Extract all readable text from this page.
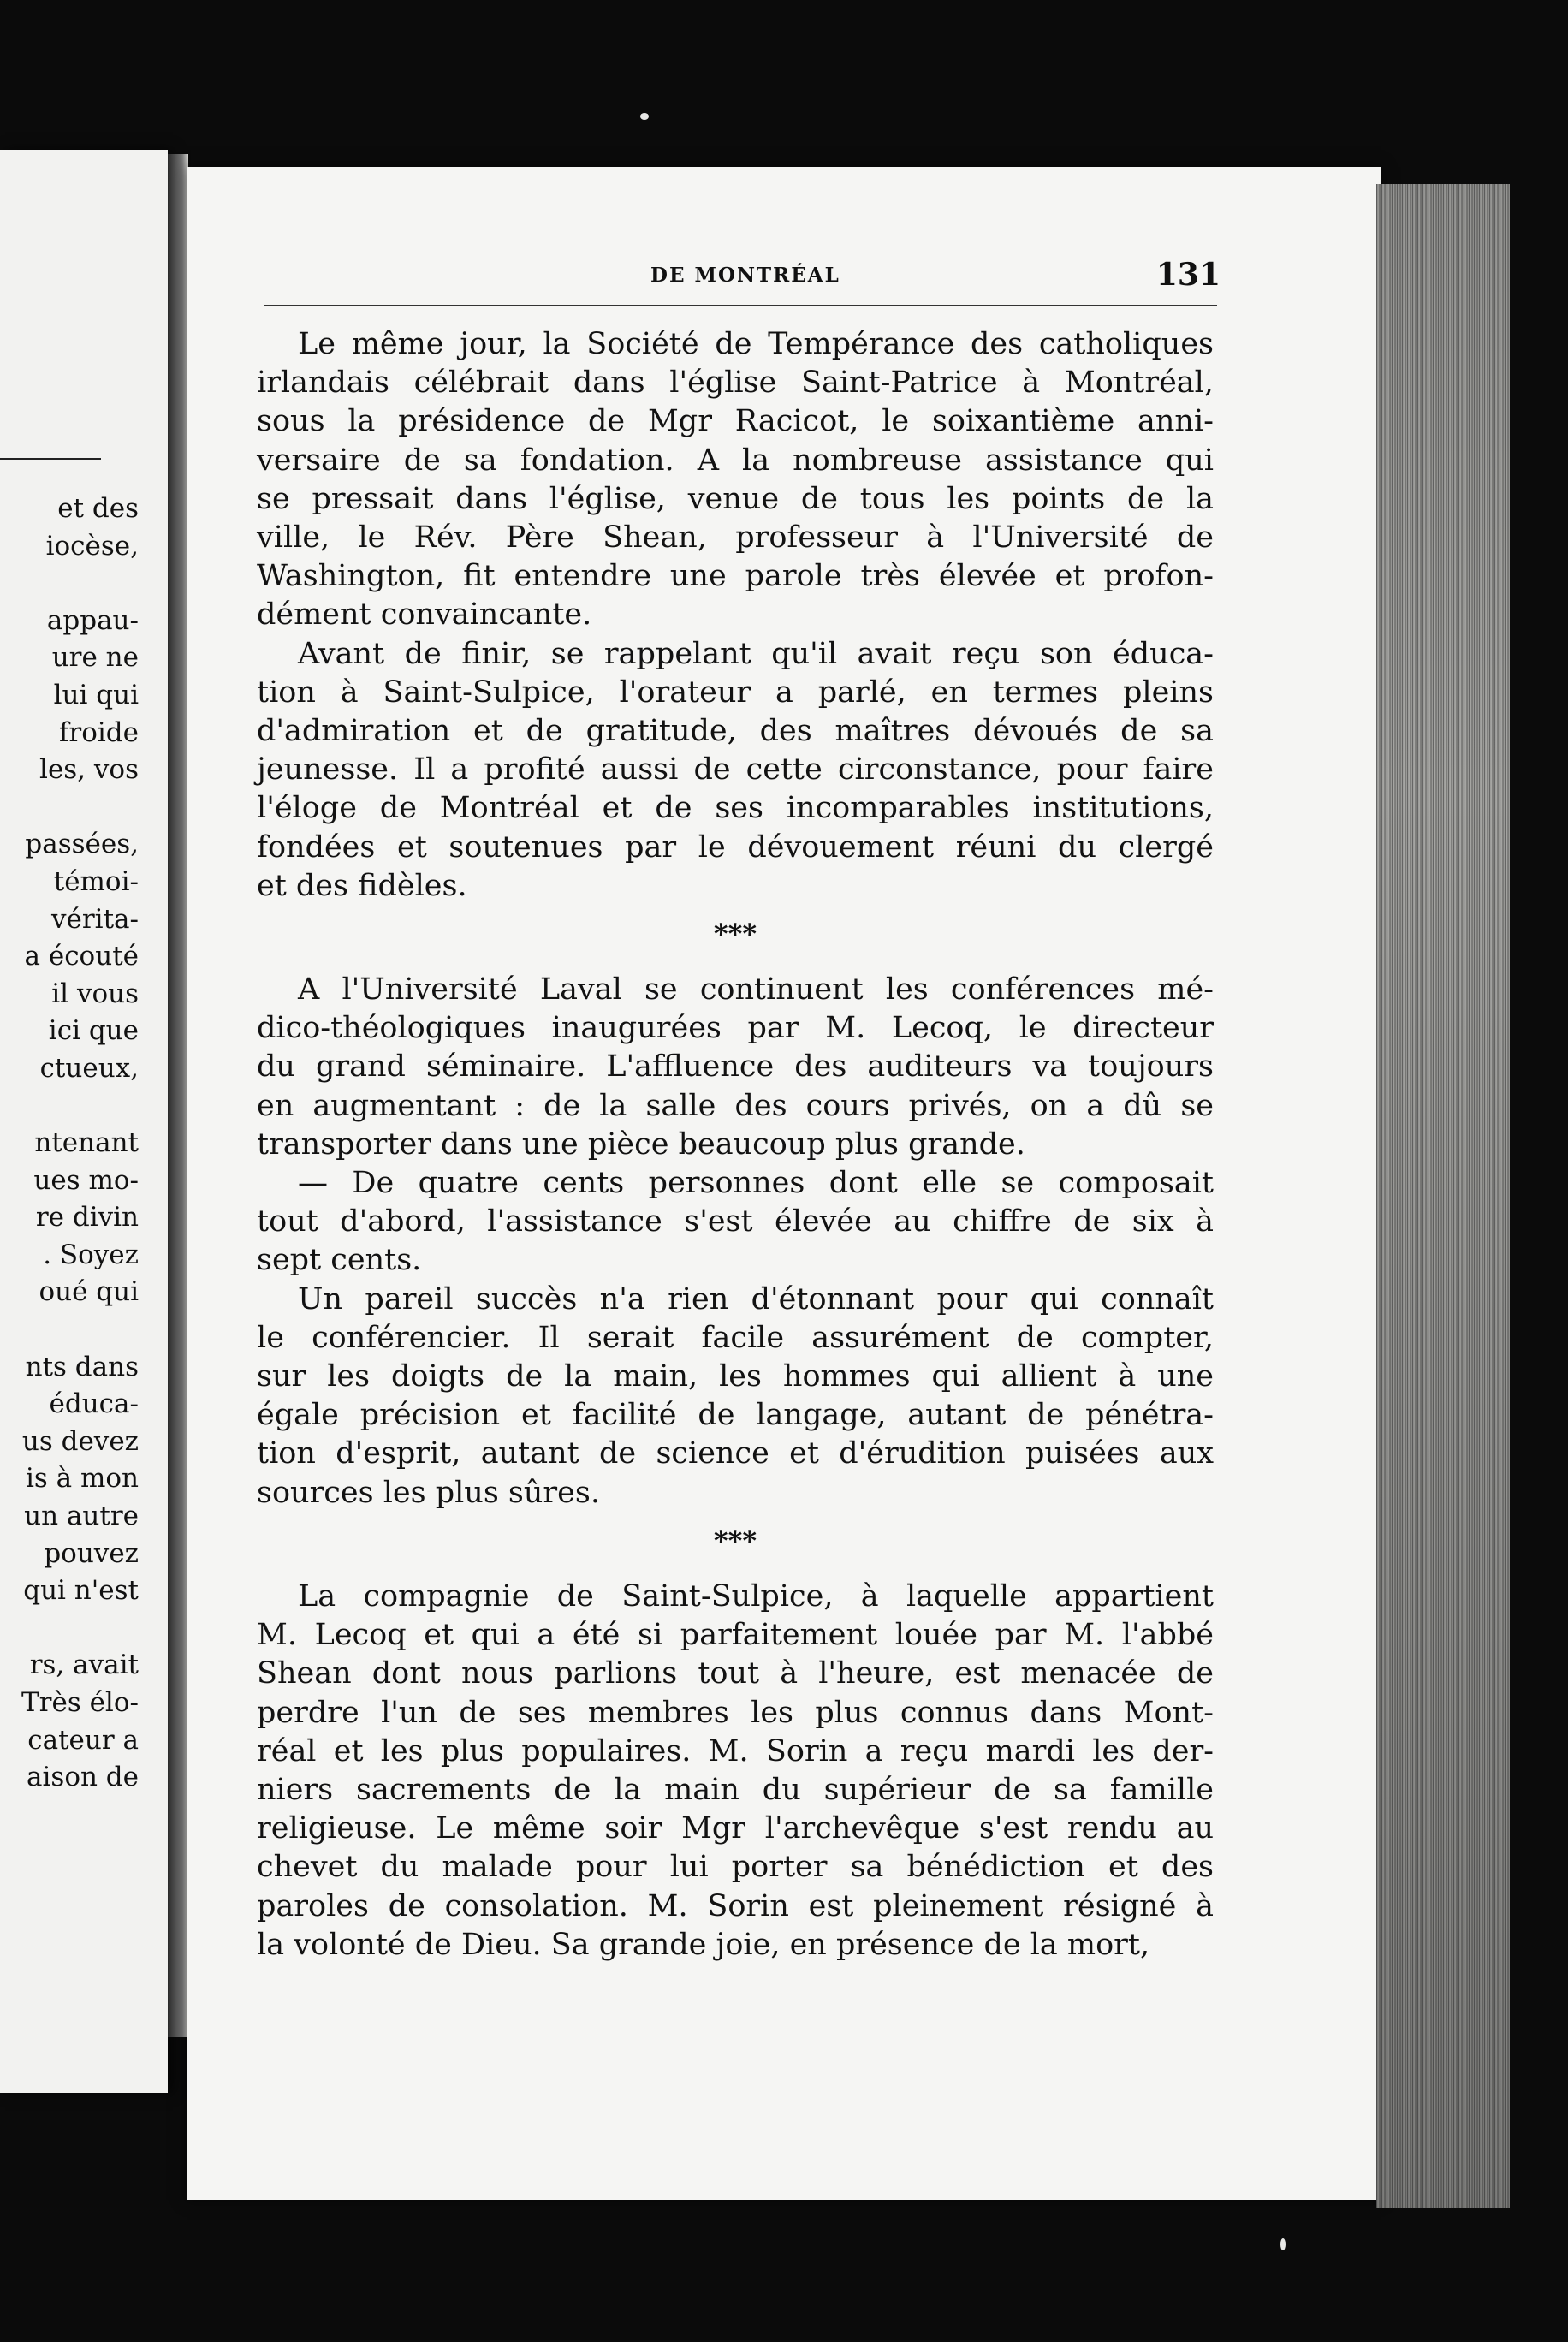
et des
iocèse,
appau-
ure ne
lui qui
froide
les, vos
passées,
témoi-
vérita-
a écouté
il vous
ici que
ctueux,
ntenant
ues mo-
re divin
. Soyez
oué qui
nts dans
éduca-
us devez
is à mon
un autre
pouvez
qui n'est
rs, avait
Très élo-
cateur a
aison de
DE MONTRÉAL	131

Le même jour, la Société de Tempérance des catholiques
irlandais célébrait dans l'église Saint-Patrice à Montréal,
sous la présidence de Mgr Racicot, le soixantième anni-
versaire de sa fondation. A la nombreuse assistance qui
se pressait dans l'église, venue de tous les points de la
ville, le Rév. Père Shean, professeur à l'Université de
Washington, fit entendre une parole très élevée et profon-
dément convaincante.

Avant de finir, se rappelant qu'il avait reçu son éduca-
tion à Saint-Sulpice, l'orateur a parlé, en termes pleins
d'admiration et de gratitude, des maîtres dévoués de sa
jeunesse. Il a profité aussi de cette circonstance, pour faire
l'éloge de Montréal et de ses incomparables institutions,
fondées et soutenues par le dévouement réuni du clergé
et des fidèles.

***

A l'Université Laval se continuent les conférences mé-
dico-théologiques inaugurées par M. Lecoq, le directeur
du grand séminaire. L'affluence des auditeurs va toujours
en augmentant : de la salle des cours privés, on a dû se
transporter dans une pièce beaucoup plus grande.

— De quatre cents personnes dont elle se composait
tout d'abord, l'assistance s'est élevée au chiffre de six à
sept cents.

Un pareil succès n'a rien d'étonnant pour qui connaît
le conférencier. Il serait facile assurément de compter,
sur les doigts de la main, les hommes qui allient à une
égale précision et facilité de langage, autant de pénétra-
tion d'esprit, autant de science et d'érudition puisées aux
sources les plus sûres.

***

La compagnie de Saint-Sulpice, à laquelle appartient
M. Lecoq et qui a été si parfaitement louée par M. l'abbé
Shean dont nous parlions tout à l'heure, est menacée de
perdre l'un de ses membres les plus connus dans Mont-
réal et les plus populaires. M. Sorin a reçu mardi les der-
niers sacrements de la main du supérieur de sa famille
religieuse. Le même soir Mgr l'archevêque s'est rendu au
chevet du malade pour lui porter sa bénédiction et des
paroles de consolation. M. Sorin est pleinement résigné à
la volonté de Dieu. Sa grande joie, en présence de la mort,
